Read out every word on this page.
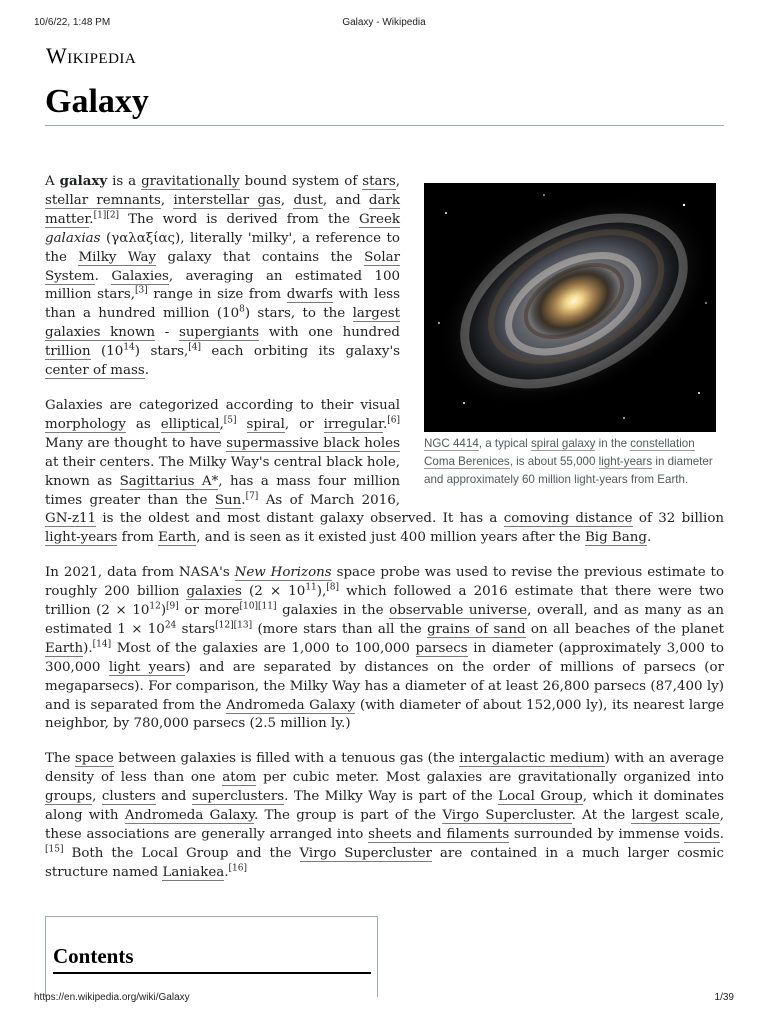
10/6/22, 1:48 PM	Galaxy - Wikipedia
Wikipedia
Galaxy
NGC 4414, a typical spiral galaxy in the constellation Coma Berenices, is about 55,000 light-years in diameter and approximately 60 million light-years from Earth.

A galaxy is a gravitationally bound system of stars, stellar remnants, interstellar gas, dust, and dark matter.[1][2] The word is derived from the Greek galaxias (γαλαξίας), literally 'milky', a reference to the Milky Way galaxy that contains the Solar System. Galaxies, averaging an estimated 100 million stars,[3] range in size from dwarfs with less than a hundred million $(10^8)$ stars, to the largest galaxies known - supergiants with one hundred trillion $(10^{14})$ stars,[4] each orbiting its galaxy's center of mass.

Galaxies are categorized according to their visual morphology as elliptical,[5] spiral, or irregular.[6] Many are thought to have supermassive black holes at their centers. The Milky Way's central black hole, known as Sagittarius A*, has a mass four million times greater than the Sun.[7] As of March 2016, GN-z11 is the oldest and most distant galaxy observed. It has a comoving distance of 32 billion light-years from Earth, and is seen as it existed just 400 million years after the Big Bang.

In 2021, data from NASA's New Horizons space probe was used to revise the previous estimate to roughly 200 billion galaxies $(2 \times 10^{11}),[8]$ which followed a 2016 estimate that there were two trillion $(2 \times 10^{12})[9]$ or more[10][11] galaxies in the observable universe, overall, and as many as an estimated $1 \times 10^{24}$ stars[12][13] (more stars than all the grains of sand on all beaches of the planet Earth).[14] Most of the galaxies are 1,000 to 100,000 parsecs in diameter (approximately 3,000 to 300,000 light years) and are separated by distances on the order of millions of parsecs (or megaparsecs). For comparison, the Milky Way has a diameter of at least 26,800 parsecs (87,400 ly) and is separated from the Andromeda Galaxy (with diameter of about 152,000 ly), its nearest large neighbor, by 780,000 parsecs (2.5 million ly.)

The space between galaxies is filled with a tenuous gas (the intergalactic medium) with an average density of less than one atom per cubic meter. Most galaxies are gravitationally organized into groups, clusters and superclusters. The Milky Way is part of the Local Group, which it dominates along with Andromeda Galaxy. The group is part of the Virgo Supercluster. At the largest scale, these associations are generally arranged into sheets and filaments surrounded by immense voids.[15] Both the Local Group and the Virgo Supercluster are contained in a much larger cosmic structure named Laniakea.[16]

Contents
https://en.wikipedia.org/wiki/Galaxy	1/39
